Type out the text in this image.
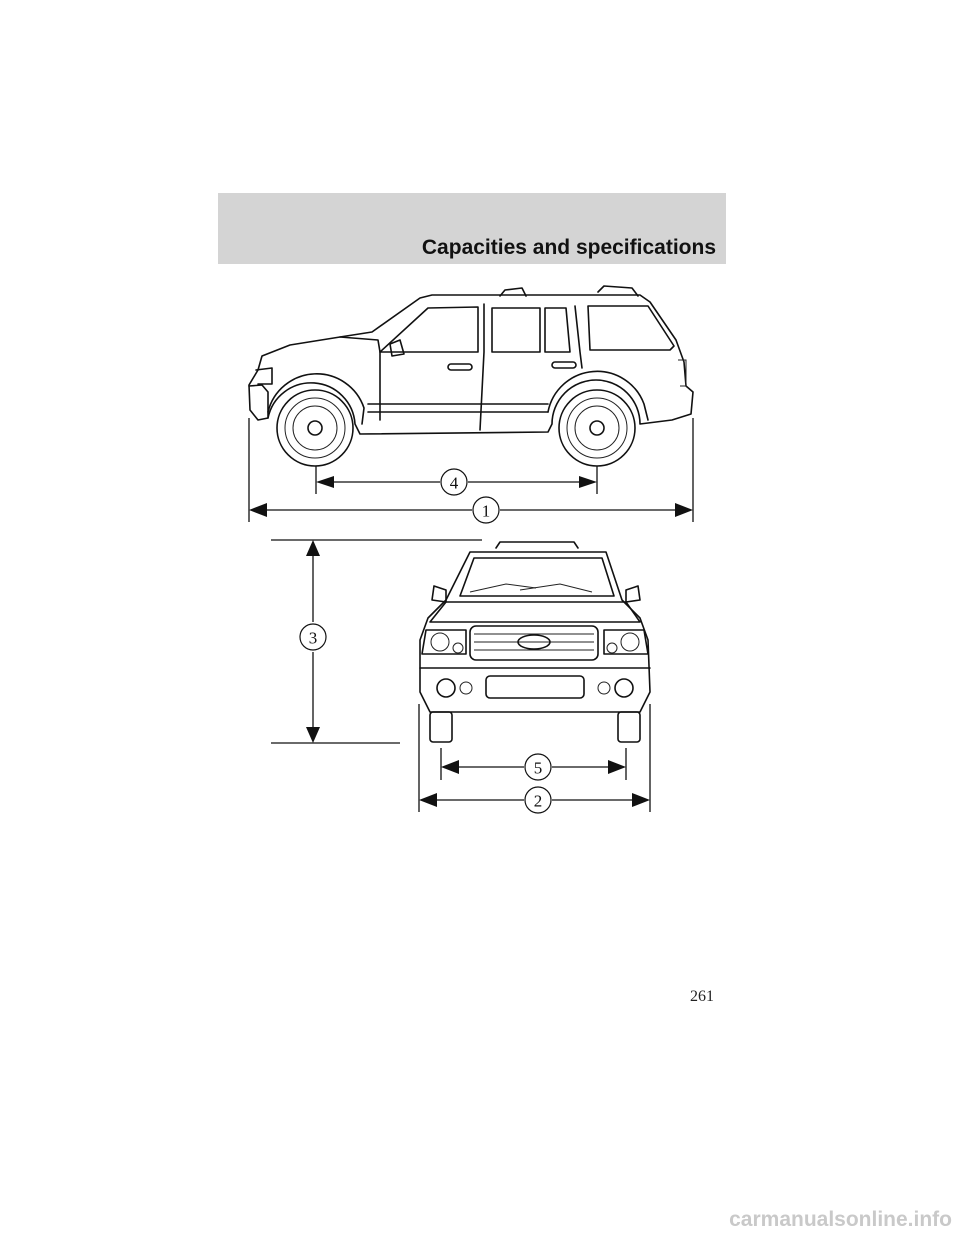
Capacities and specifications
1
2
3
4
5
261
carmanualsonline.info
